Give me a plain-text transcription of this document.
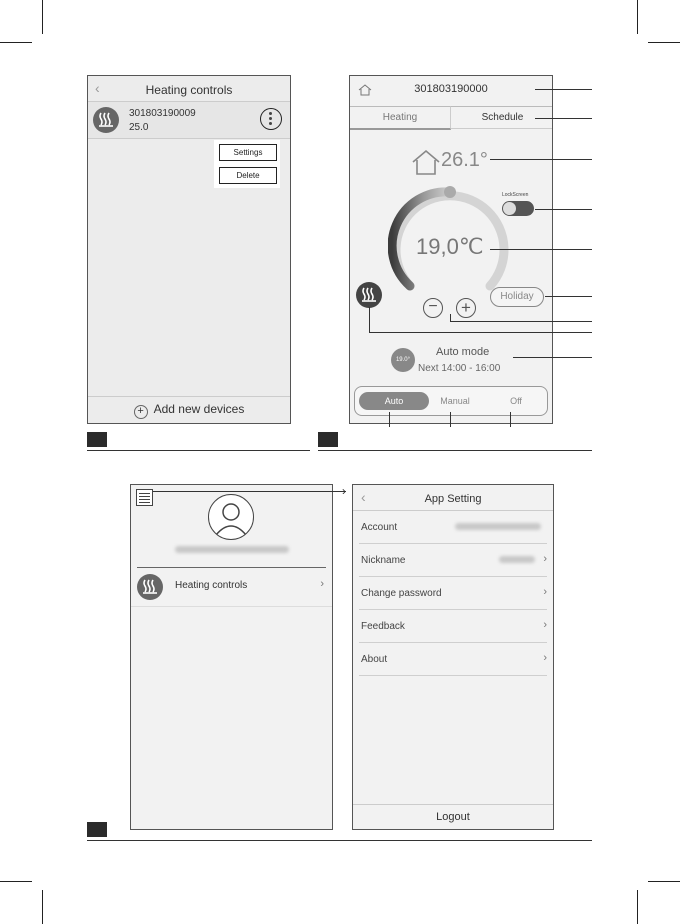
‹	Heating controls
301803190009
25.0
Settings
Delete
+ Add new devices
301803190000
Heating	Schedule
26.1°
LockScreen
19,0℃
−	+
Holiday
19.0°
Auto mode
Next 14:00 - 16:00
Auto	Manual	Off
Heating controls	›
› ‹	App Setting
Account
Nickname	›
Change password	›
Feedback	›
About	›
Logout
